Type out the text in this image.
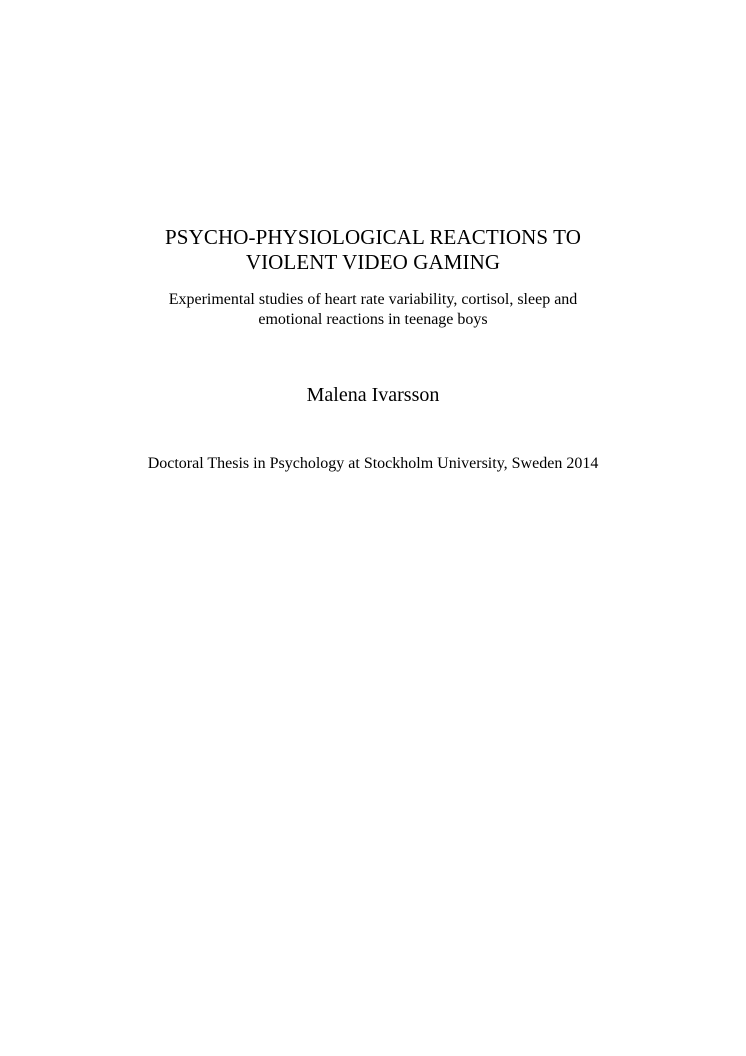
PSYCHO-PHYSIOLOGICAL REACTIONS TO
VIOLENT VIDEO GAMING
Experimental studies of heart rate variability, cortisol, sleep and
emotional reactions in teenage boys
Malena Ivarsson
Doctoral Thesis in Psychology at Stockholm University, Sweden 2014
